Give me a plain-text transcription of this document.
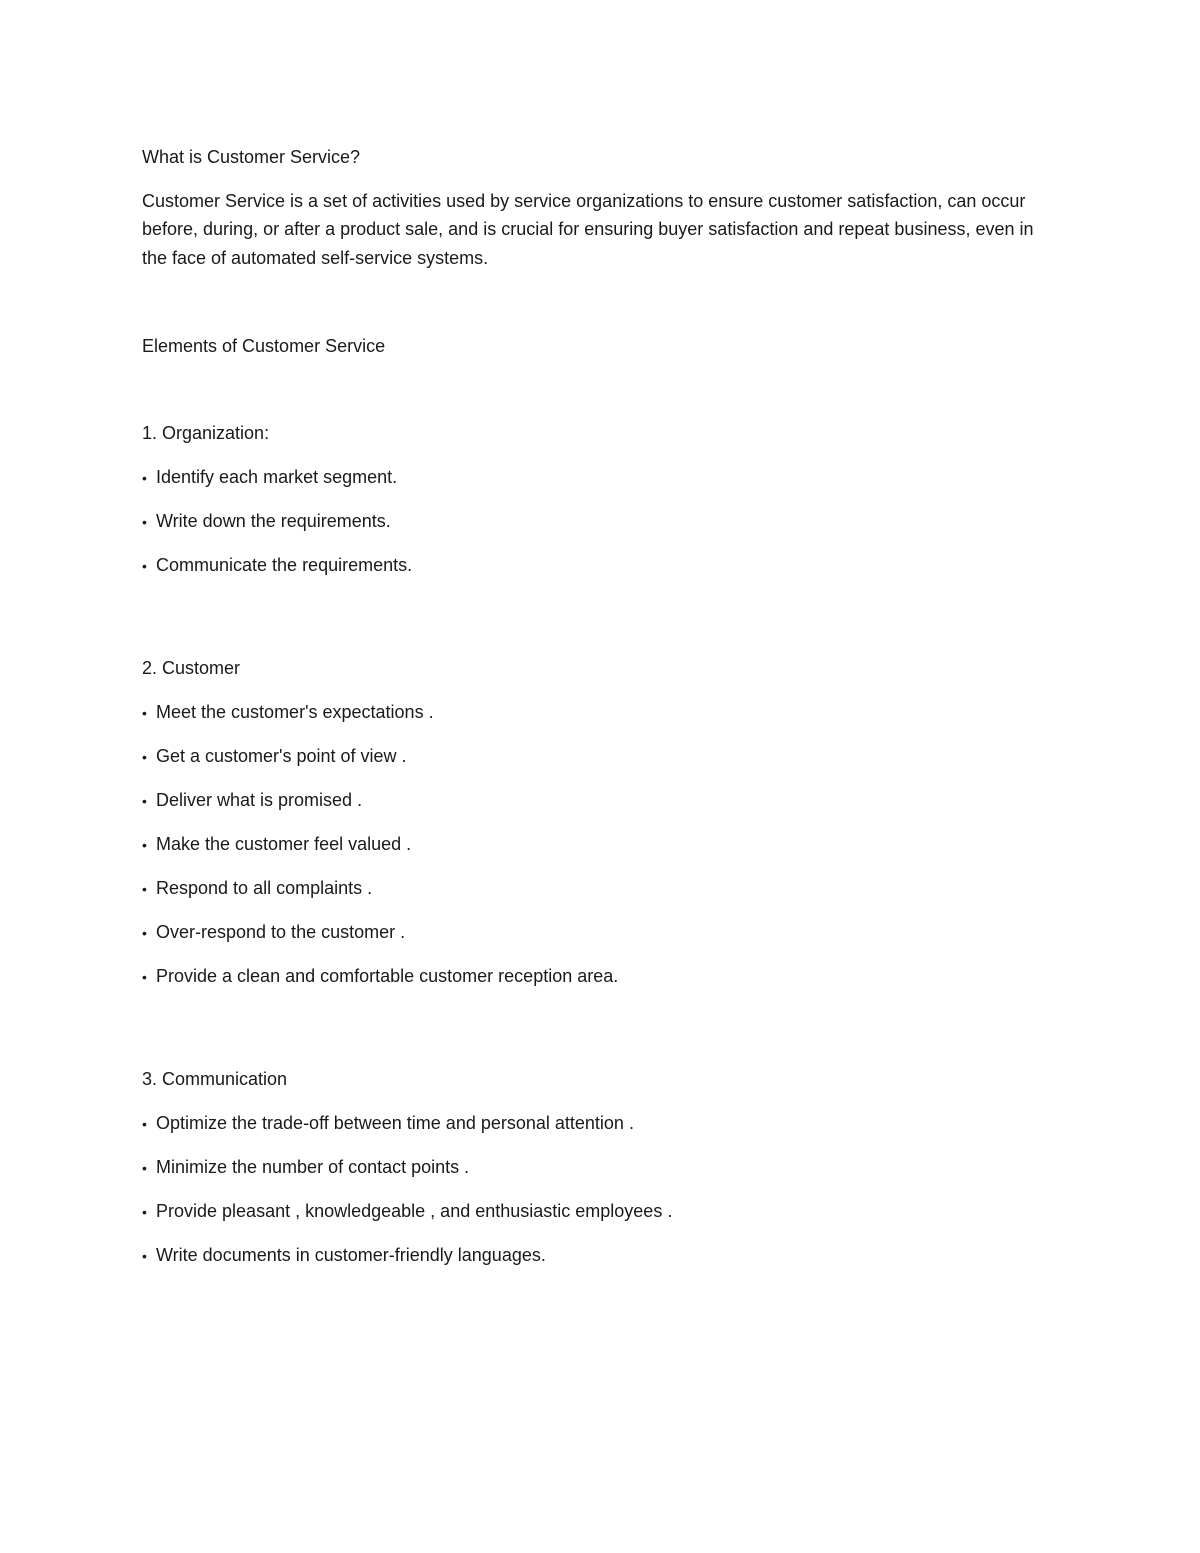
What is Customer Service?

Customer Service is a set of activities used by service organizations to ensure customer satisfaction, can occur before, during, or after a product sale, and is crucial for ensuring buyer satisfaction and repeat business, even in the face of automated self-service systems.

Elements of Customer Service

1. Organization:

• Identify each market segment.
• Write down the requirements.
• Communicate the requirements.

2. Customer

• Meet the customer's expectations .
• Get a customer's point of view .
• Deliver what is promised .
• Make the customer feel valued .
• Respond to all complaints .
• Over-respond to the customer .
• Provide a clean and comfortable customer reception area.

3. Communication

• Optimize the trade-off between time and personal attention .
• Minimize the number of contact points .
• Provide pleasant , knowledgeable , and enthusiastic employees .
• Write documents in customer-friendly languages.
